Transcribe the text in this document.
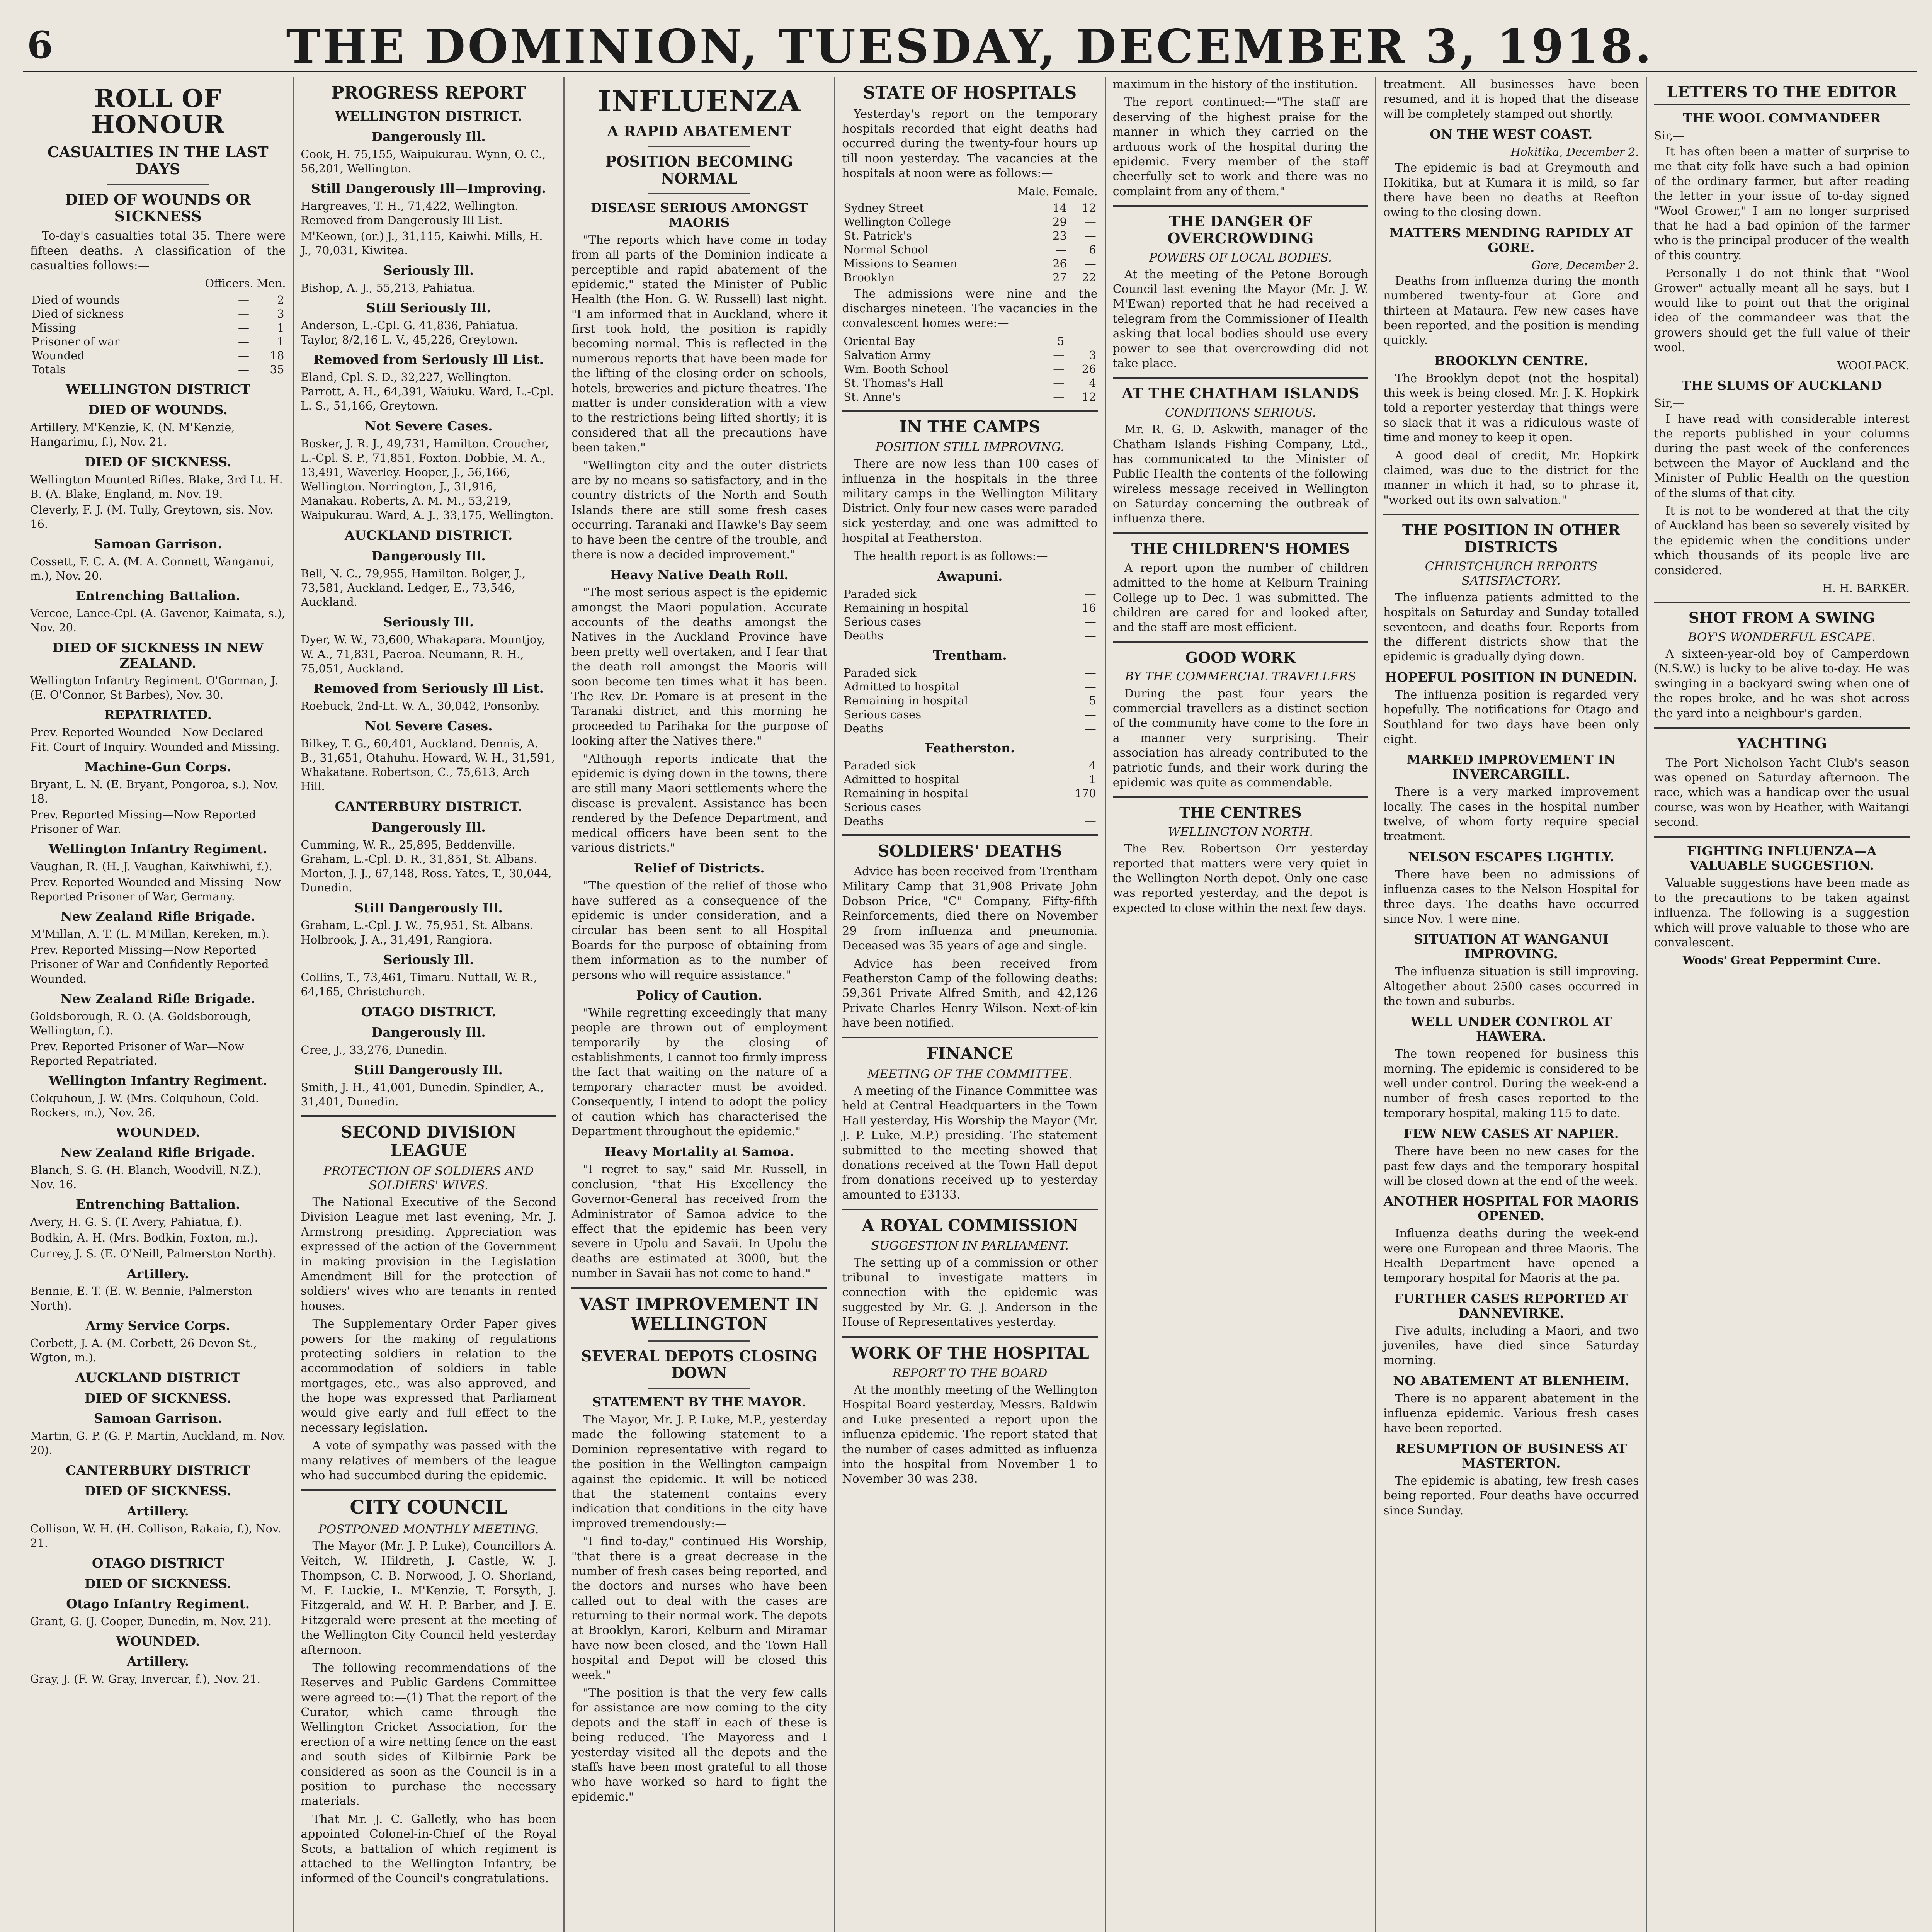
6	THE DOMINION, TUESDAY, DECEMBER 3, 1918.
ROLL OF HONOUR
CASUALTIES IN THE LAST DAYS
DIED OF WOUNDS OR SICKNESS

To-day's casualties total 35. There were fifteen deaths. A classification of the casualties follows:—

Officers. Men.
Died of wounds	—	2
Died of sickness	—	3
Missing	—	1
Prisoner of war	—	1
Wounded	—	18
Totals	—	35
WELLINGTON DISTRICT
DIED OF WOUNDS.
Artillery. M'Kenzie, K. (N. M'Kenzie, Hangarimu, f.), Nov. 21.
DIED OF SICKNESS.
Wellington Mounted Rifles. Blake, 3rd Lt. H. B. (A. Blake, England, m. Nov. 19.
Cleverly, F. J. (M. Tully, Greytown, sis. Nov. 16.
Samoan Garrison.
Cossett, F. C. A. (M. A. Connett, Wanganui, m.), Nov. 20.
Entrenching Battalion.
Vercoe, Lance-Cpl. (A. Gavenor, Kaimata, s.), Nov. 20.
DIED OF SICKNESS IN NEW ZEALAND.
Wellington Infantry Regiment. O'Gorman, J. (E. O'Connor, St Barbes), Nov. 30.
REPATRIATED.
Prev. Reported Wounded—Now Declared Fit. Court of Inquiry. Wounded and Missing.
Machine-Gun Corps.
Bryant, L. N. (E. Bryant, Pongoroa, s.), Nov. 18.
Prev. Reported Missing—Now Reported Prisoner of War.
Wellington Infantry Regiment.
Vaughan, R. (H. J. Vaughan, Kaiwhiwhi, f.).
Prev. Reported Wounded and Missing—Now Reported Prisoner of War, Germany.
New Zealand Rifle Brigade.
M'Millan, A. T. (L. M'Millan, Kereken, m.).
Prev. Reported Missing—Now Reported Prisoner of War and Confidently Reported Wounded.
New Zealand Rifle Brigade.
Goldsborough, R. O. (A. Goldsborough, Wellington, f.).
Prev. Reported Prisoner of War—Now Reported Repatriated.
Wellington Infantry Regiment.
Colquhoun, J. W. (Mrs. Colquhoun, Cold. Rockers, m.), Nov. 26.
WOUNDED.
New Zealand Rifle Brigade.
Blanch, S. G. (H. Blanch, Woodvill, N.Z.), Nov. 16.
Entrenching Battalion.
Avery, H. G. S. (T. Avery, Pahiatua, f.).
Bodkin, A. H. (Mrs. Bodkin, Foxton, m.).
Currey, J. S. (E. O'Neill, Palmerston North).
Artillery.
Bennie, E. T. (E. W. Bennie, Palmerston North).
Army Service Corps.
Corbett, J. A. (M. Corbett, 26 Devon St., Wgton, m.).
AUCKLAND DISTRICT
DIED OF SICKNESS.
Samoan Garrison.
Martin, G. P. (G. P. Martin, Auckland, m. Nov. 20).
CANTERBURY DISTRICT
DIED OF SICKNESS.
Artillery.
Collison, W. H. (H. Collison, Rakaia, f.), Nov. 21.
OTAGO DISTRICT
DIED OF SICKNESS.
Otago Infantry Regiment.
Grant, G. (J. Cooper, Dunedin, m. Nov. 21).
WOUNDED.
Artillery.
Gray, J. (F. W. Gray, Invercar, f.), Nov. 21.
PROGRESS REPORT
WELLINGTON DISTRICT.
Dangerously Ill.
Cook, H. 75,155, Waipukurau. Wynn, O. C., 56,201, Wellington.
Still Dangerously Ill—Improving.
Hargreaves, T. H., 71,422, Wellington. Removed from Dangerously Ill List.
M'Keown, (or.) J., 31,115, Kaiwhi. Mills, H. J., 70,031, Kiwitea.
Seriously Ill.
Bishop, A. J., 55,213, Pahiatua.
Still Seriously Ill.
Anderson, L.-Cpl. G. 41,836, Pahiatua. Taylor, 8/2,16 L. V., 45,226, Greytown.
Removed from Seriously Ill List.
Eland, Cpl. S. D., 32,227, Wellington. Parrott, A. H., 64,391, Waiuku. Ward, L.-Cpl. L. S., 51,166, Greytown.
Not Severe Cases.
Bosker, J. R. J., 49,731, Hamilton. Croucher, L.-Cpl. S. P., 71,851, Foxton. Dobbie, M. A., 13,491, Waverley. Hooper, J., 56,166, Wellington. Norrington, J., 31,916, Manakau. Roberts, A. M. M., 53,219, Waipukurau. Ward, A. J., 33,175, Wellington.
AUCKLAND DISTRICT.
Dangerously Ill.
Bell, N. C., 79,955, Hamilton. Bolger, J., 73,581, Auckland. Ledger, E., 73,546, Auckland.
Seriously Ill.
Dyer, W. W., 73,600, Whakapara. Mountjoy, W. A., 71,831, Paeroa. Neumann, R. H., 75,051, Auckland.
Removed from Seriously Ill List.
Roebuck, 2nd-Lt. W. A., 30,042, Ponsonby.
Not Severe Cases.
Bilkey, T. G., 60,401, Auckland. Dennis, A. B., 31,651, Otahuhu. Howard, W. H., 31,591, Whakatane. Robertson, C., 75,613, Arch Hill.
CANTERBURY DISTRICT.
Dangerously Ill.
Cumming, W. R., 25,895, Beddenville. Graham, L.-Cpl. D. R., 31,851, St. Albans. Morton, J. J., 67,148, Ross. Yates, T., 30,044, Dunedin.
Still Dangerously Ill.
Graham, L.-Cpl. J. W., 75,951, St. Albans. Holbrook, J. A., 31,491, Rangiora.
Seriously Ill.
Collins, T., 73,461, Timaru. Nuttall, W. R., 64,165, Christchurch.
OTAGO DISTRICT.
Dangerously Ill.
Cree, J., 33,276, Dunedin.
Still Dangerously Ill.
Smith, J. H., 41,001, Dunedin. Spindler, A., 31,401, Dunedin.
SECOND DIVISION LEAGUE
PROTECTION OF SOLDIERS AND SOLDIERS' WIVES.

The National Executive of the Second Division League met last evening, Mr. J. Armstrong presiding. Appreciation was expressed of the action of the Government in making provision in the Legislation Amendment Bill for the protection of soldiers' wives who are tenants in rented houses.

The Supplementary Order Paper gives powers for the making of regulations protecting soldiers in relation to the accommodation of soldiers in table mortgages, etc., was also approved, and the hope was expressed that Parliament would give early and full effect to the necessary legislation.

A vote of sympathy was passed with the many relatives of members of the league who had succumbed during the epidemic.

CITY COUNCIL
POSTPONED MONTHLY MEETING.

The Mayor (Mr. J. P. Luke), Councillors A. Veitch, W. Hildreth, J. Castle, W. J. Thompson, C. B. Norwood, J. O. Shorland, M. F. Luckie, L. M'Kenzie, T. Forsyth, J. Fitzgerald, and W. H. P. Barber, and J. E. Fitzgerald were present at the meeting of the Wellington City Council held yesterday afternoon.

The following recommendations of the Reserves and Public Gardens Committee were agreed to:—(1) That the report of the Curator, which came through the Wellington Cricket Association, for the erection of a wire netting fence on the east and south sides of Kilbirnie Park be considered as soon as the Council is in a position to purchase the necessary materials.

That Mr. J. C. Galletly, who has been appointed Colonel-in-Chief of the Royal Scots, a battalion of which regiment is attached to the Wellington Infantry, be informed of the Council's congratulations.

INFLUENZA
A RAPID ABATEMENT
POSITION BECOMING NORMAL
DISEASE SERIOUS AMONGST MAORIS

"The reports which have come in today from all parts of the Dominion indicate a perceptible and rapid abatement of the epidemic," stated the Minister of Public Health (the Hon. G. W. Russell) last night. "I am informed that in Auckland, where it first took hold, the position is rapidly becoming normal. This is reflected in the numerous reports that have been made for the lifting of the closing order on schools, hotels, breweries and picture theatres. The matter is under consideration with a view to the restrictions being lifted shortly; it is considered that all the precautions have been taken."

"Wellington city and the outer districts are by no means so satisfactory, and in the country districts of the North and South Islands there are still some fresh cases occurring. Taranaki and Hawke's Bay seem to have been the centre of the trouble, and there is now a decided improvement."

Heavy Native Death Roll.

"The most serious aspect is the epidemic amongst the Maori population. Accurate accounts of the deaths amongst the Natives in the Auckland Province have been pretty well overtaken, and I fear that the death roll amongst the Maoris will soon become ten times what it has been. The Rev. Dr. Pomare is at present in the Taranaki district, and this morning he proceeded to Parihaka for the purpose of looking after the Natives there."

"Although reports indicate that the epidemic is dying down in the towns, there are still many Maori settlements where the disease is prevalent. Assistance has been rendered by the Defence Department, and medical officers have been sent to the various districts."

Relief of Districts.

"The question of the relief of those who have suffered as a consequence of the epidemic is under consideration, and a circular has been sent to all Hospital Boards for the purpose of obtaining from them information as to the number of persons who will require assistance."

Policy of Caution.

"While regretting exceedingly that many people are thrown out of employment temporarily by the closing of establishments, I cannot too firmly impress the fact that waiting on the nature of a temporary character must be avoided. Consequently, I intend to adopt the policy of caution which has characterised the Department throughout the epidemic."

Heavy Mortality at Samoa.

"I regret to say," said Mr. Russell, in conclusion, "that His Excellency the Governor-General has received from the Administrator of Samoa advice to the effect that the epidemic has been very severe in Upolu and Savaii. In Upolu the deaths are estimated at 3000, but the number in Savaii has not come to hand."

VAST IMPROVEMENT IN WELLINGTON
SEVERAL DEPOTS CLOSING DOWN
STATEMENT BY THE MAYOR.

The Mayor, Mr. J. P. Luke, M.P., yesterday made the following statement to a Dominion representative with regard to the position in the Wellington campaign against the epidemic. It will be noticed that the statement contains every indication that conditions in the city have improved tremendously:—

"I find to-day," continued His Worship, "that there is a great decrease in the number of fresh cases being reported, and the doctors and nurses who have been called out to deal with the cases are returning to their normal work. The depots at Brooklyn, Karori, Kelburn and Miramar have now been closed, and the Town Hall hospital and Depot will be closed this week."

"The position is that the very few calls for assistance are now coming to the city depots and the staff in each of these is being reduced. The Mayoress and I yesterday visited all the depots and the staffs have been most grateful to all those who have worked so hard to fight the epidemic."

STATE OF HOSPITALS

Yesterday's report on the temporary hospitals recorded that eight deaths had occurred during the twenty-four hours up till noon yesterday. The vacancies at the hospitals at noon were as follows:—

Male. Female.
Sydney Street	14	12
Wellington College	29	—
St. Patrick's	23	—
Normal School	—	6
Missions to Seamen	26	—
Brooklyn	27	22

The admissions were nine and the discharges nineteen. The vacancies in the convalescent homes were:—

Oriental Bay	5	—
Salvation Army	—	3
Wm. Booth School	—	26
St. Thomas's Hall	—	4
St. Anne's	—	12
IN THE CAMPS
POSITION STILL IMPROVING.

There are now less than 100 cases of influenza in the hospitals in the three military camps in the Wellington Military District. Only four new cases were paraded sick yesterday, and one was admitted to hospital at Featherston.

The health report is as follows:—

Awapuni.
Paraded sick	—
Remaining in hospital	16
Serious cases	—
Deaths	—
Trentham.
Paraded sick	—
Admitted to hospital	—
Remaining in hospital	5
Serious cases	—
Deaths	—
Featherston.
Paraded sick	4
Admitted to hospital	1
Remaining in hospital	170
Serious cases	—
Deaths	—
SOLDIERS' DEATHS

Advice has been received from Trentham Military Camp that 31,908 Private John Dobson Price, "C" Company, Fifty-fifth Reinforcements, died there on November 29 from influenza and pneumonia. Deceased was 35 years of age and single.

Advice has been received from Featherston Camp of the following deaths: 59,361 Private Alfred Smith, and 42,126 Private Charles Henry Wilson. Next-of-kin have been notified.

FINANCE
MEETING OF THE COMMITTEE.

A meeting of the Finance Committee was held at Central Headquarters in the Town Hall yesterday, His Worship the Mayor (Mr. J. P. Luke, M.P.) presiding. The statement submitted to the meeting showed that donations received at the Town Hall depot from donations received up to yesterday amounted to £3133.

A ROYAL COMMISSION
SUGGESTION IN PARLIAMENT.

The setting up of a commission or other tribunal to investigate matters in connection with the epidemic was suggested by Mr. G. J. Anderson in the House of Representatives yesterday.

WORK OF THE HOSPITAL
REPORT TO THE BOARD

At the monthly meeting of the Wellington Hospital Board yesterday, Messrs. Baldwin and Luke presented a report upon the influenza epidemic. The report stated that the number of cases admitted as influenza into the hospital from November 1 to November 30 was 238.

maximum in the history of the institution.

The report continued:—"The staff are deserving of the highest praise for the manner in which they carried on the arduous work of the hospital during the epidemic. Every member of the staff cheerfully set to work and there was no complaint from any of them."

THE DANGER OF OVERCROWDING
POWERS OF LOCAL BODIES.

At the meeting of the Petone Borough Council last evening the Mayor (Mr. J. W. M'Ewan) reported that he had received a telegram from the Commissioner of Health asking that local bodies should use every power to see that overcrowding did not take place.

AT THE CHATHAM ISLANDS
CONDITIONS SERIOUS.

Mr. R. G. D. Askwith, manager of the Chatham Islands Fishing Company, Ltd., has communicated to the Minister of Public Health the contents of the following wireless message received in Wellington on Saturday concerning the outbreak of influenza there.

THE CHILDREN'S HOMES

A report upon the number of children admitted to the home at Kelburn Training College up to Dec. 1 was submitted. The children are cared for and looked after, and the staff are most efficient.

GOOD WORK
BY THE COMMERCIAL TRAVELLERS

During the past four years the commercial travellers as a distinct section of the community have come to the fore in a manner very surprising. Their association has already contributed to the patriotic funds, and their work during the epidemic was quite as commendable.

THE CENTRES
WELLINGTON NORTH.

The Rev. Robertson Orr yesterday reported that matters were very quiet in the Wellington North depot. Only one case was reported yesterday, and the depot is expected to close within the next few days.

treatment. All businesses have been resumed, and it is hoped that the disease will be completely stamped out shortly.

ON THE WEST COAST.
Hokitika, December 2.

The epidemic is bad at Greymouth and Hokitika, but at Kumara it is mild, so far there have been no deaths at Reefton owing to the closing down.

MATTERS MENDING RAPIDLY AT GORE.
Gore, December 2.

Deaths from influenza during the month numbered twenty-four at Gore and thirteen at Mataura. Few new cases have been reported, and the position is mending quickly.

BROOKLYN CENTRE.

The Brooklyn depot (not the hospital) this week is being closed. Mr. J. K. Hopkirk told a reporter yesterday that things were so slack that it was a ridiculous waste of time and money to keep it open.

A good deal of credit, Mr. Hopkirk claimed, was due to the district for the manner in which it had, so to phrase it, "worked out its own salvation."

THE POSITION IN OTHER DISTRICTS
CHRISTCHURCH REPORTS SATISFACTORY.

The influenza patients admitted to the hospitals on Saturday and Sunday totalled seventeen, and deaths four. Reports from the different districts show that the epidemic is gradually dying down.

HOPEFUL POSITION IN DUNEDIN.

The influenza position is regarded very hopefully. The notifications for Otago and Southland for two days have been only eight.

MARKED IMPROVEMENT IN INVERCARGILL.

There is a very marked improvement locally. The cases in the hospital number twelve, of whom forty require special treatment.

NELSON ESCAPES LIGHTLY.

There have been no admissions of influenza cases to the Nelson Hospital for three days. The deaths have occurred since Nov. 1 were nine.

SITUATION AT WANGANUI IMPROVING.

The influenza situation is still improving. Altogether about 2500 cases occurred in the town and suburbs.

WELL UNDER CONTROL AT HAWERA.

The town reopened for business this morning. The epidemic is considered to be well under control. During the week-end a number of fresh cases reported to the temporary hospital, making 115 to date.

FEW NEW CASES AT NAPIER.

There have been no new cases for the past few days and the temporary hospital will be closed down at the end of the week.

ANOTHER HOSPITAL FOR MAORIS OPENED.

Influenza deaths during the week-end were one European and three Maoris. The Health Department have opened a temporary hospital for Maoris at the pa.

FURTHER CASES REPORTED AT DANNEVIRKE.

Five adults, including a Maori, and two juveniles, have died since Saturday morning.

NO ABATEMENT AT BLENHEIM.

There is no apparent abatement in the influenza epidemic. Various fresh cases have been reported.

RESUMPTION OF BUSINESS AT MASTERTON.

The epidemic is abating, few fresh cases being reported. Four deaths have occurred since Sunday.

LETTERS TO THE EDITOR
THE WOOL COMMANDEER
Sir,—

It has often been a matter of surprise to me that city folk have such a bad opinion of the ordinary farmer, but after reading the letter in your issue of to-day signed "Wool Grower," I am no longer surprised that he had a bad opinion of the farmer who is the principal producer of the wealth of this country.

Personally I do not think that "Wool Grower" actually meant all he says, but I would like to point out that the original idea of the commandeer was that the growers should get the full value of their wool.

WOOLPACK.
THE SLUMS OF AUCKLAND
Sir,—

I have read with considerable interest the reports published in your columns during the past week of the conferences between the Mayor of Auckland and the Minister of Public Health on the question of the slums of that city.

It is not to be wondered at that the city of Auckland has been so severely visited by the epidemic when the conditions under which thousands of its people live are considered.

H. H. BARKER.
SHOT FROM A SWING
BOY'S WONDERFUL ESCAPE.

A sixteen-year-old boy of Camperdown (N.S.W.) is lucky to be alive to-day. He was swinging in a backyard swing when one of the ropes broke, and he was shot across the yard into a neighbour's garden.

YACHTING

The Port Nicholson Yacht Club's season was opened on Saturday afternoon. The race, which was a handicap over the usual course, was won by Heather, with Waitangi second.

FIGHTING INFLUENZA—A VALUABLE SUGGESTION.

Valuable suggestions have been made as to the precautions to be taken against influenza. The following is a suggestion which will prove valuable to those who are convalescent.

Woods' Great Peppermint Cure.
